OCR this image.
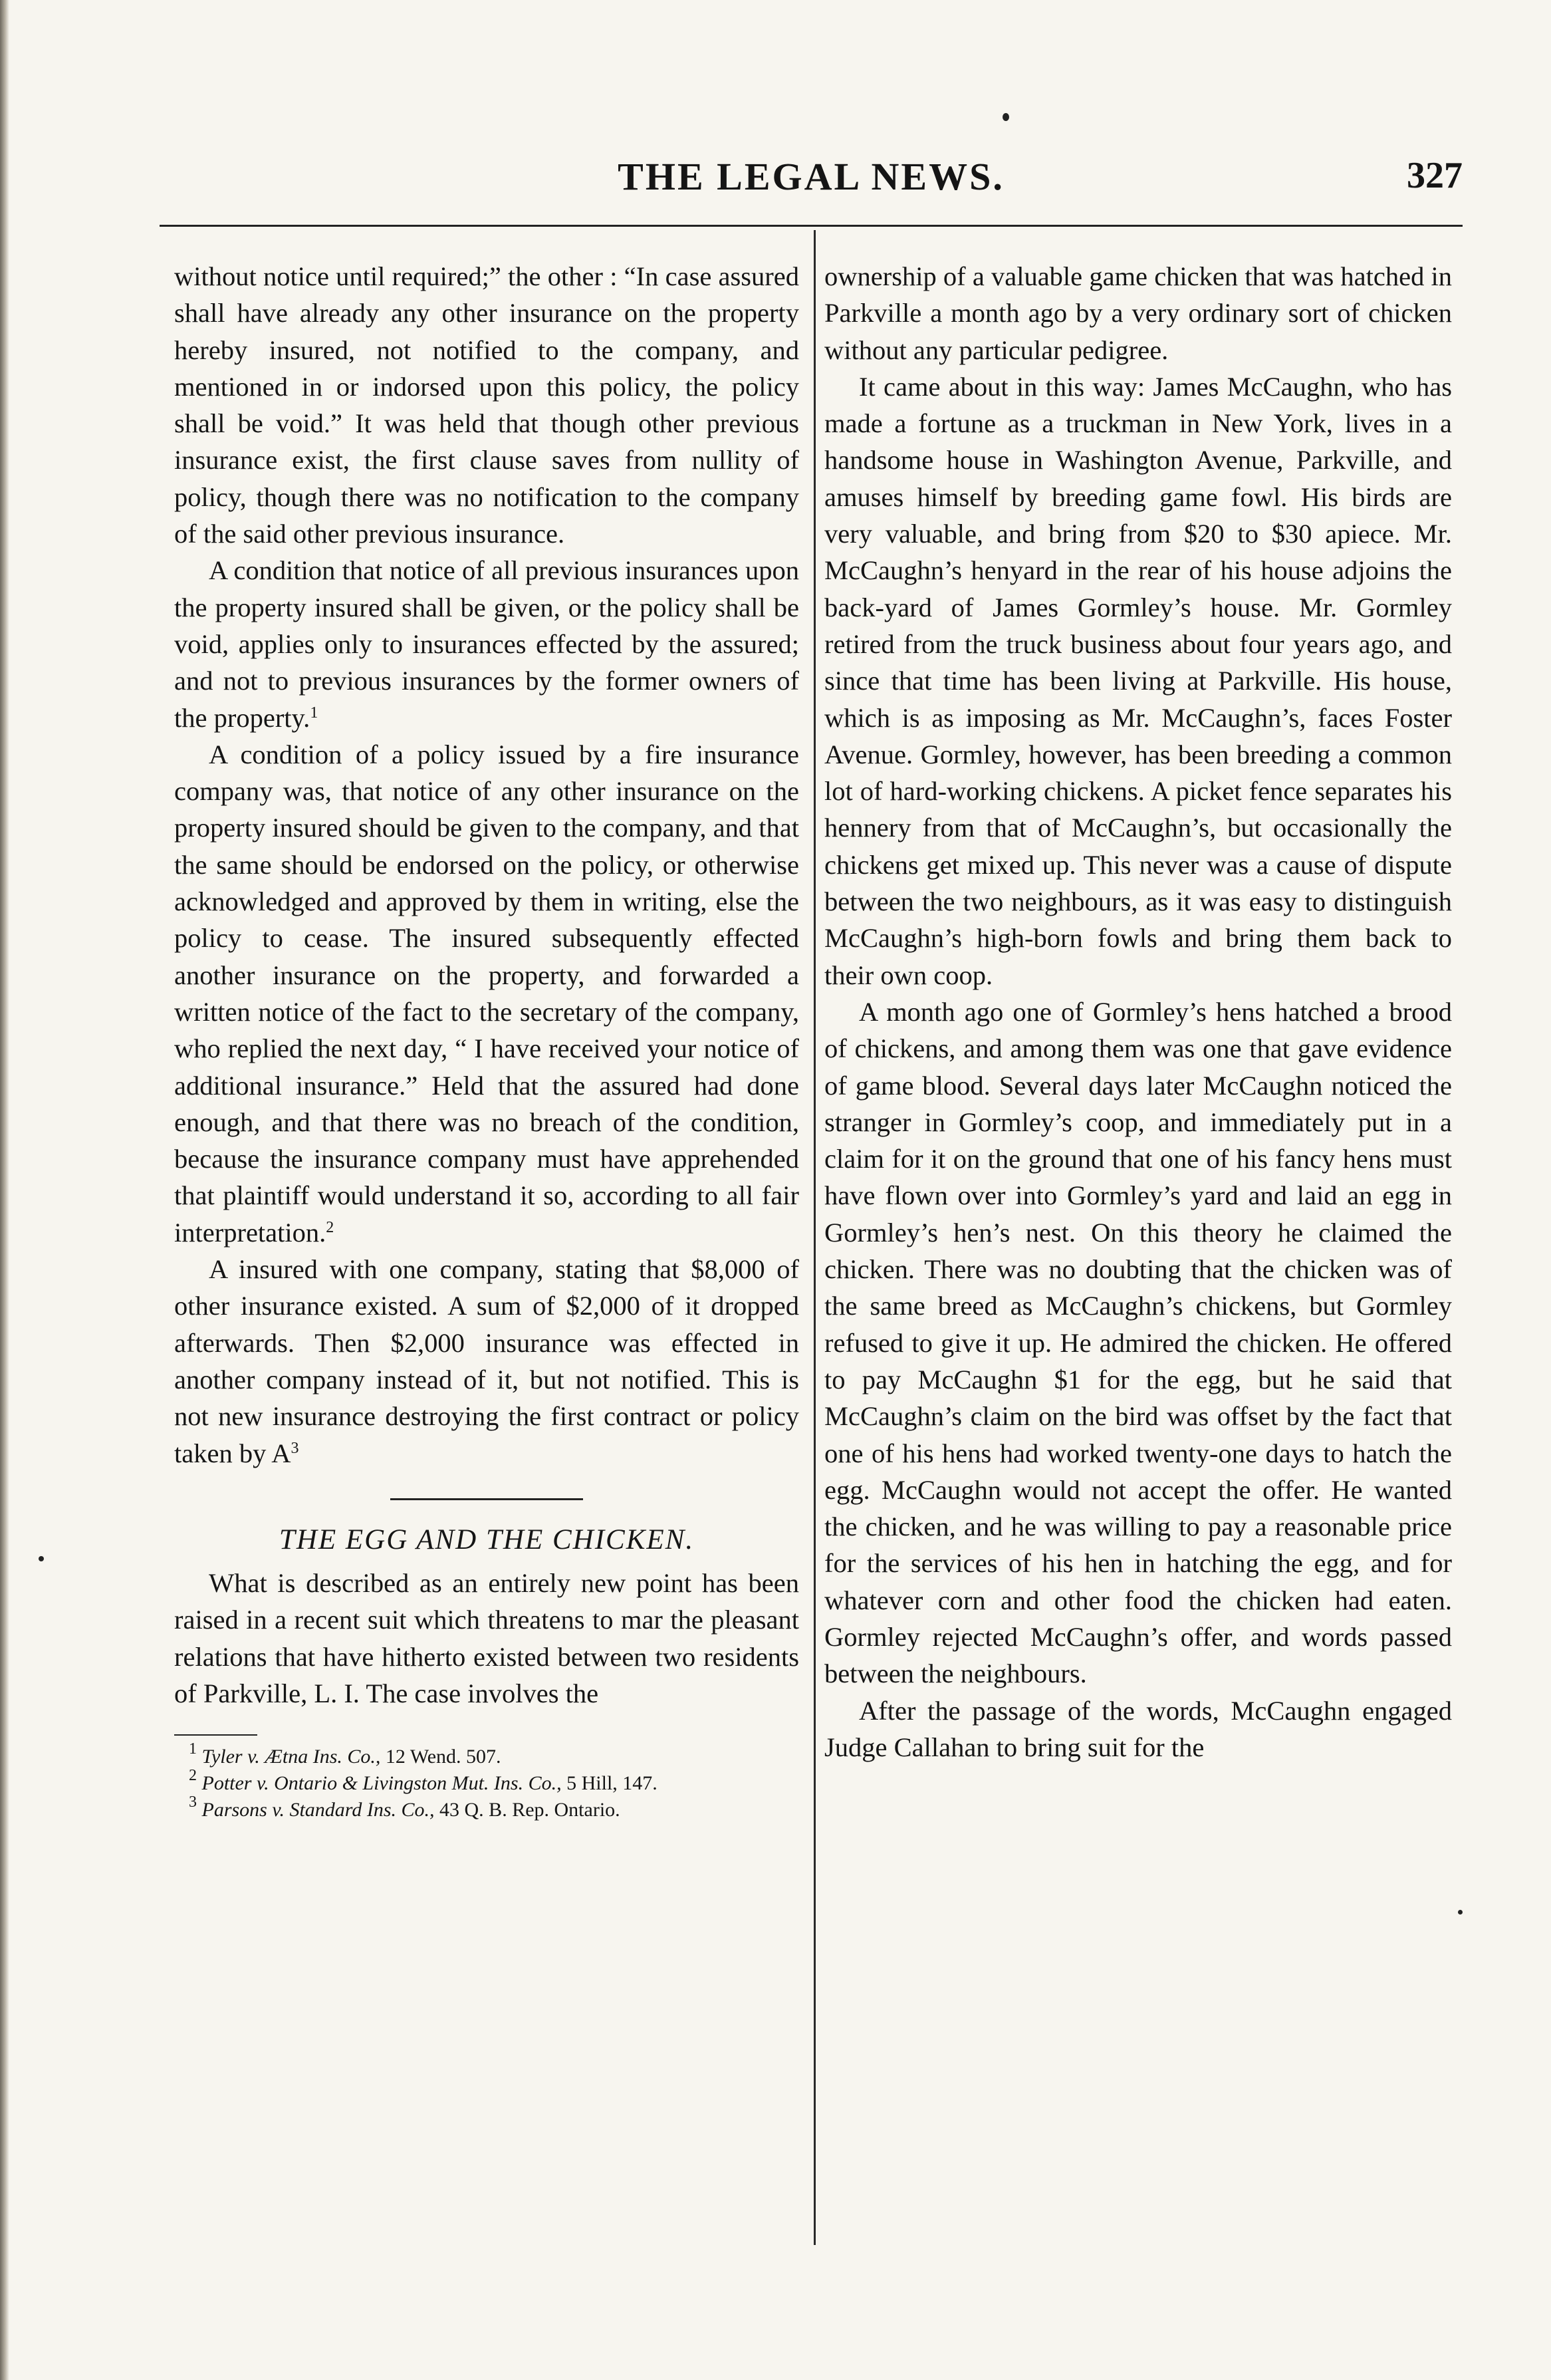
THE LEGAL NEWS.	327

without notice until required;” the other : “In case assured shall have already any other insurance on the property hereby insured, not notified to the company, and mentioned in or indorsed upon this policy, the policy shall be void.” It was held that though other previous insurance exist, the first clause saves from nullity of policy, though there was no notification to the company of the said other previous insurance.

A condition that notice of all previous insurances upon the property insured shall be given, or the policy shall be void, applies only to insurances effected by the assured; and not to previous insurances by the former owners of the property.$^1$

A condition of a policy issued by a fire insurance company was, that notice of any other insurance on the property insured should be given to the company, and that the same should be endorsed on the policy, or otherwise acknowledged and approved by them in writing, else the policy to cease. The insured subsequently effected another insurance on the property, and forwarded a written notice of the fact to the secretary of the company, who replied the next day, “ I have received your notice of additional insurance.” Held that the assured had done enough, and that there was no breach of the condition, because the insurance company must have apprehended that plaintiff would understand it so, according to all fair interpretation.$^2$

A insured with one company, stating that $8,000 of other insurance existed. A sum of $2,000 of it dropped afterwards. Then $2,000 insurance was effected in another company instead of it, but not notified. This is not new insurance destroying the first contract or policy taken by $A^3$

THE EGG AND THE CHICKEN.

What is described as an entirely new point has been raised in a recent suit which threatens to mar the pleasant relations that have hitherto existed between two residents of Parkville, L. I. The case involves the

$^1$ Tyler v. Ætna Ins. Co., 12 Wend. 507.

$^2$ Potter v. Ontario & Livingston Mut. Ins. Co., 5 Hill, 147.

$^3$ Parsons v. Standard Ins. Co., 43 Q. B. Rep. Ontario.

ownership of a valuable game chicken that was hatched in Parkville a month ago by a very ordinary sort of chicken without any particular pedigree.

It came about in this way: James McCaughn, who has made a fortune as a truckman in New York, lives in a handsome house in Washington Avenue, Parkville, and amuses himself by breeding game fowl. His birds are very valuable, and bring from $20 to $30 apiece. Mr. McCaughn’s henyard in the rear of his house adjoins the back-yard of James Gormley’s house. Mr. Gormley retired from the truck business about four years ago, and since that time has been living at Parkville. His house, which is as imposing as Mr. McCaughn’s, faces Foster Avenue. Gormley, however, has been breeding a common lot of hard-working chickens. A picket fence separates his hennery from that of McCaughn’s, but occasionally the chickens get mixed up. This never was a cause of dispute between the two neighbours, as it was easy to distinguish McCaughn’s high-born fowls and bring them back to their own coop.

A month ago one of Gormley’s hens hatched a brood of chickens, and among them was one that gave evidence of game blood. Several days later McCaughn noticed the stranger in Gormley’s coop, and immediately put in a claim for it on the ground that one of his fancy hens must have flown over into Gormley’s yard and laid an egg in Gormley’s hen’s nest. On this theory he claimed the chicken. There was no doubting that the chicken was of the same breed as McCaughn’s chickens, but Gormley refused to give it up. He admired the chicken. He offered to pay McCaughn $1 for the egg, but he said that McCaughn’s claim on the bird was offset by the fact that one of his hens had worked twenty-one days to hatch the egg. McCaughn would not accept the offer. He wanted the chicken, and he was willing to pay a reasonable price for the services of his hen in hatching the egg, and for whatever corn and other food the chicken had eaten. Gormley rejected McCaughn’s offer, and words passed between the neighbours.

After the passage of the words, McCaughn engaged Judge Callahan to bring suit for the
